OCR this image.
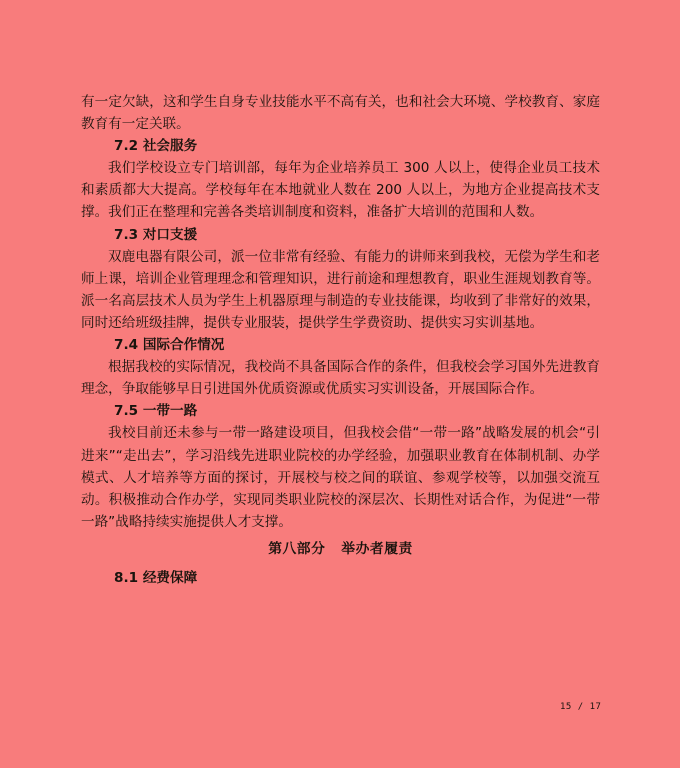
有一定欠缺，这和学生自身专业技能水平不高有关，也和社会大环境、学校教育、家庭教育有一定关联。

7.2 社会服务

我们学校设立专门培训部，每年为企业培养员工 300 人以上，使得企业员工技术和素质都大大提高。学校每年在本地就业人数在 200 人以上，为地方企业提高技术支撑。我们正在整理和完善各类培训制度和资料，准备扩大培训的范围和人数。

7.3 对口支援

双鹿电器有限公司，派一位非常有经验、有能力的讲师来到我校，无偿为学生和老师上课，培训企业管理理念和管理知识，进行前途和理想教育，职业生涯规划教育等。派一名高层技术人员为学生上机器原理与制造的专业技能课，均收到了非常好的效果，同时还给班级挂牌，提供专业服装，提供学生学费资助、提供实习实训基地。

7.4 国际合作情况

根据我校的实际情况，我校尚不具备国际合作的条件，但我校会学习国外先进教育理念，争取能够早日引进国外优质资源或优质实习实训设备，开展国际合作。

7.5 一带一路

我校目前还未参与一带一路建设项目，但我校会借“一带一路”战略发展的机会“引进来”“走出去”，学习沿线先进职业院校的办学经验，加强职业教育在体制机制、办学模式、人才培养等方面的探讨，开展校与校之间的联谊、参观学校等，以加强交流互动。积极推动合作办学，实现同类职业院校的深层次、长期性对话合作，为促进“一带一路”战略持续实施提供人才支撑。

第八部分   举办者履责

8.1 经费保障

15 / 17
